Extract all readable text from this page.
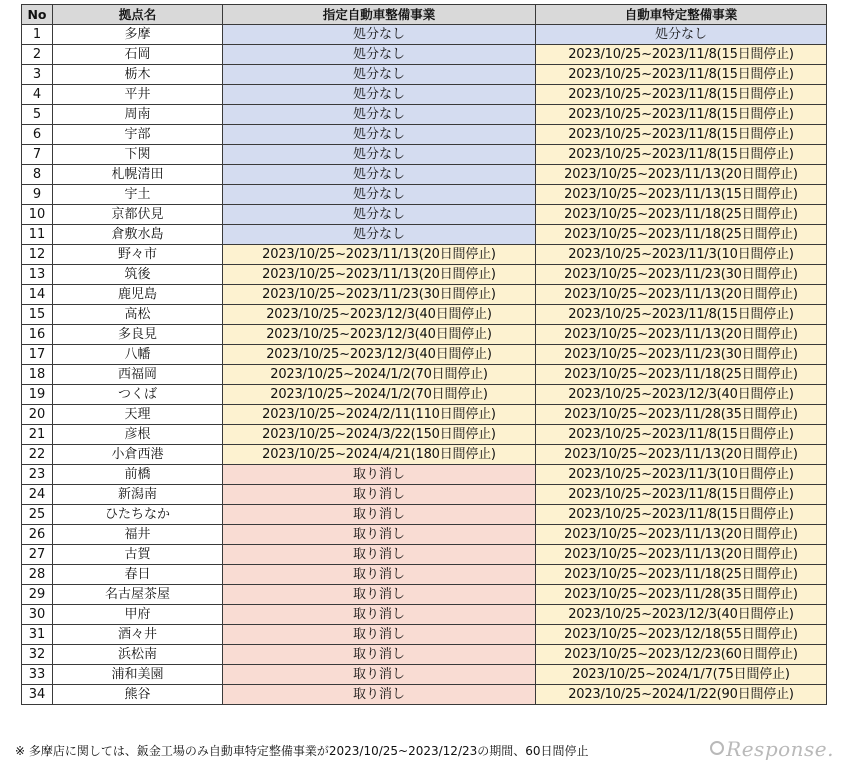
No	拠点名	指定自動車整備事業	自動車特定整備事業
1	多摩	処分なし	処分なし
2	石岡	処分なし	2023/10/25~2023/11/8(15日間停止)
3	栃木	処分なし	2023/10/25~2023/11/8(15日間停止)
4	平井	処分なし	2023/10/25~2023/11/8(15日間停止)
5	周南	処分なし	2023/10/25~2023/11/8(15日間停止)
6	宇部	処分なし	2023/10/25~2023/11/8(15日間停止)
7	下関	処分なし	2023/10/25~2023/11/8(15日間停止)
8	札幌清田	処分なし	2023/10/25~2023/11/13(20日間停止)
9	宇土	処分なし	2023/10/25~2023/11/13(15日間停止)
10	京都伏見	処分なし	2023/10/25~2023/11/18(25日間停止)
11	倉敷水島	処分なし	2023/10/25~2023/11/18(25日間停止)
12	野々市	2023/10/25~2023/11/13(20日間停止)	2023/10/25~2023/11/3(10日間停止)
13	筑後	2023/10/25~2023/11/13(20日間停止)	2023/10/25~2023/11/23(30日間停止)
14	鹿児島	2023/10/25~2023/11/23(30日間停止)	2023/10/25~2023/11/13(20日間停止)
15	高松	2023/10/25~2023/12/3(40日間停止)	2023/10/25~2023/11/8(15日間停止)
16	多良見	2023/10/25~2023/12/3(40日間停止)	2023/10/25~2023/11/13(20日間停止)
17	八幡	2023/10/25~2023/12/3(40日間停止)	2023/10/25~2023/11/23(30日間停止)
18	西福岡	2023/10/25~2024/1/2(70日間停止)	2023/10/25~2023/11/18(25日間停止)
19	つくば	2023/10/25~2024/1/2(70日間停止)	2023/10/25~2023/12/3(40日間停止)
20	天理	2023/10/25~2024/2/11(110日間停止)	2023/10/25~2023/11/28(35日間停止)
21	彦根	2023/10/25~2024/3/22(150日間停止)	2023/10/25~2023/11/8(15日間停止)
22	小倉西港	2023/10/25~2024/4/21(180日間停止)	2023/10/25~2023/11/13(20日間停止)
23	前橋	取り消し	2023/10/25~2023/11/3(10日間停止)
24	新潟南	取り消し	2023/10/25~2023/11/8(15日間停止)
25	ひたちなか	取り消し	2023/10/25~2023/11/8(15日間停止)
26	福井	取り消し	2023/10/25~2023/11/13(20日間停止)
27	古賀	取り消し	2023/10/25~2023/11/13(20日間停止)
28	春日	取り消し	2023/10/25~2023/11/18(25日間停止)
29	名古屋茶屋	取り消し	2023/10/25~2023/11/28(35日間停止)
30	甲府	取り消し	2023/10/25~2023/12/3(40日間停止)
31	酒々井	取り消し	2023/10/25~2023/12/18(55日間停止)
32	浜松南	取り消し	2023/10/25~2023/12/23(60日間停止)
33	浦和美園	取り消し	2023/10/25~2024/1/7(75日間停止)
34	熊谷	取り消し	2023/10/25~2024/1/22(90日間停止)
※ 多摩店に関しては、鈑金工場のみ自動車特定整備事業が2023/10/25~2023/12/23の期間、60日間停止	Response.
